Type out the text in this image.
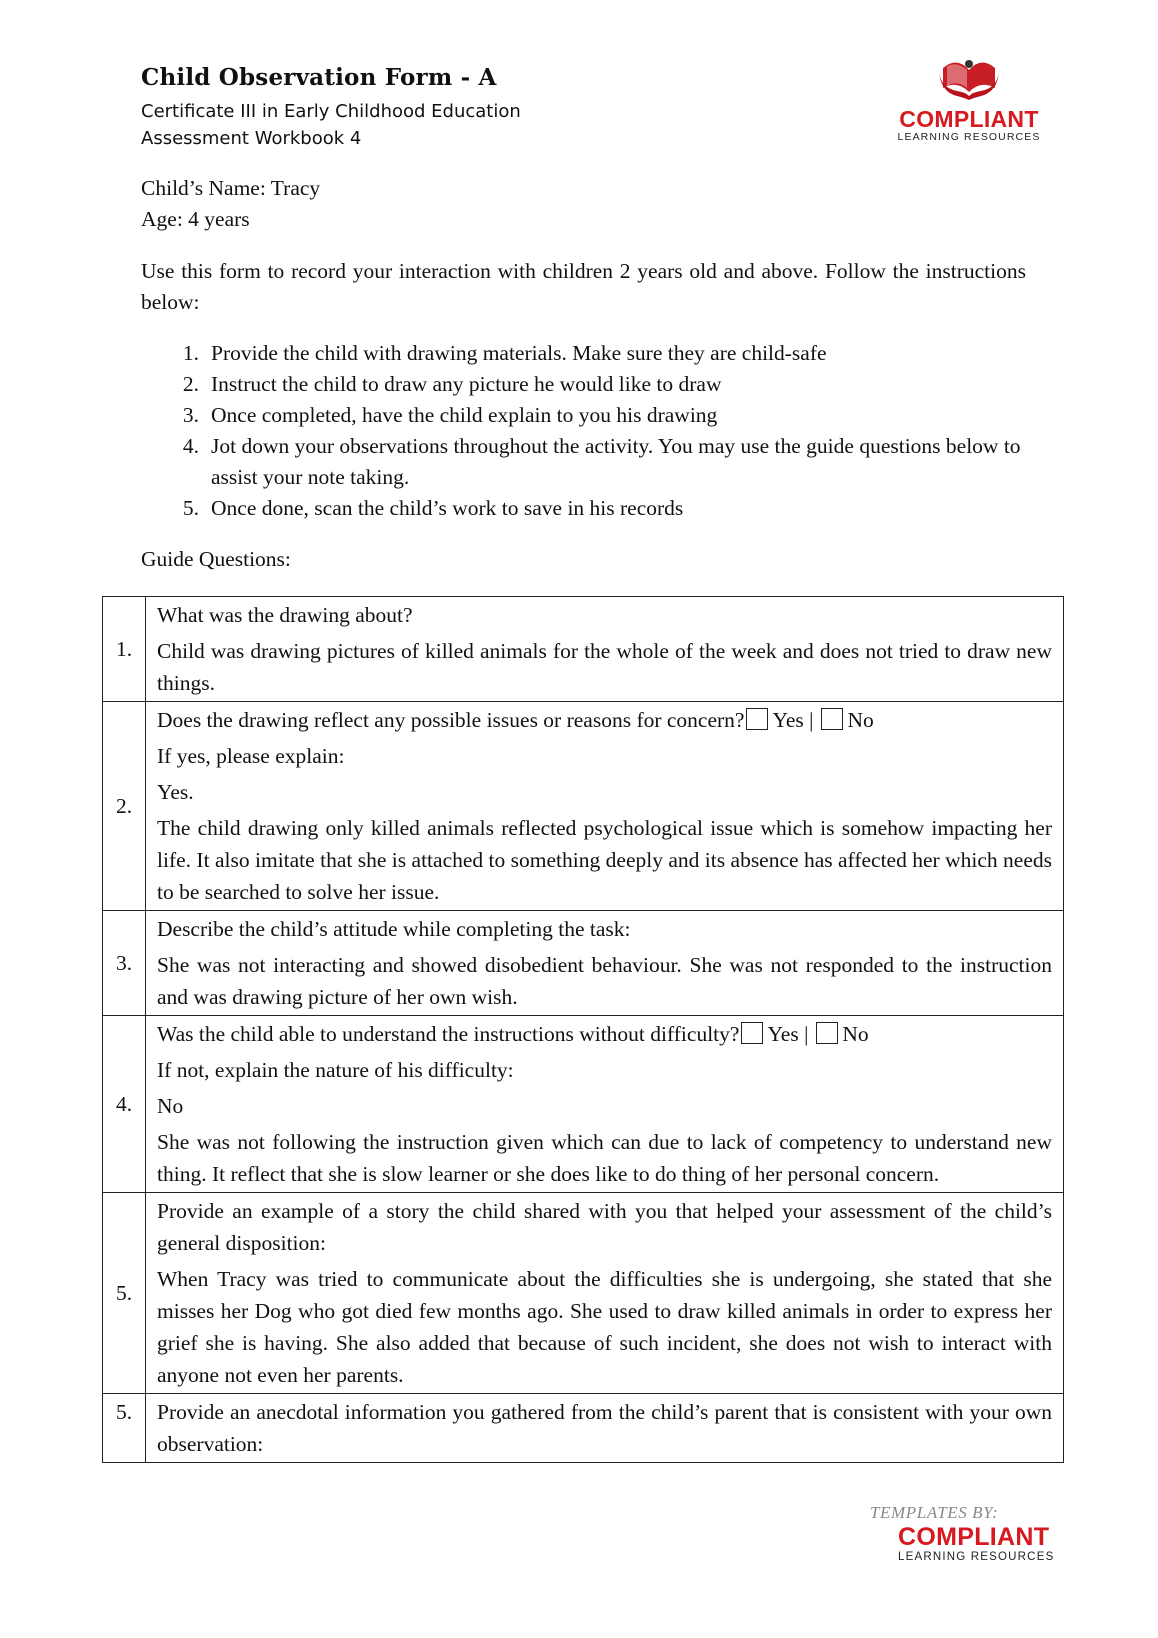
Child Observation Form - A
Certificate III in Early Childhood Education
Assessment Workbook 4
COMPLIANT
LEARNING RESOURCES
Child’s Name: Tracy
Age: 4 years
Use this form to record your interaction with children 2 years old and above. Follow the instructions below:
1. Provide the child with drawing materials. Make sure they are child-safe
2. Instruct the child to draw any picture he would like to draw
3. Once completed, have the child explain to you his drawing
4. Jot down your observations throughout the activity. You may use the guide questions below to assist your note taking.
5. Once done, scan the child’s work to save in his records
Guide Questions:
1.	What was the drawing about?

Child was drawing pictures of killed animals for the whole of the week and does not tried to draw new things.

2.	Does the drawing reflect any possible issues or reasons for concern? Yes | No

If yes, please explain:

Yes.

The child drawing only killed animals reflected psychological issue which is somehow impacting her life. It also imitate that she is attached to something deeply and its absence has affected her which needs to be searched to solve her issue.

3.	Describe the child’s attitude while completing the task:

She was not interacting and showed disobedient behaviour. She was not responded to the instruction and was drawing picture of her own wish.

4.	Was the child able to understand the instructions without difficulty? Yes | No

If not, explain the nature of his difficulty:

No

She was not following the instruction given which can due to lack of competency to understand new thing. It reflect that she is slow learner or she does like to do thing of her personal concern.

5.	Provide an example of a story the child shared with you that helped your assessment of the child’s general disposition:

When Tracy was tried to communicate about the difficulties she is undergoing, she stated that she misses her Dog who got died few months ago. She used to draw killed animals in order to express her grief she is having. She also added that because of such incident, she does not wish to interact with anyone not even her parents.

5.	Provide an anecdotal information you gathered from the child’s parent that is consistent with your own observation:

TEMPLATES BY:
COMPLIANT
LEARNING RESOURCES
